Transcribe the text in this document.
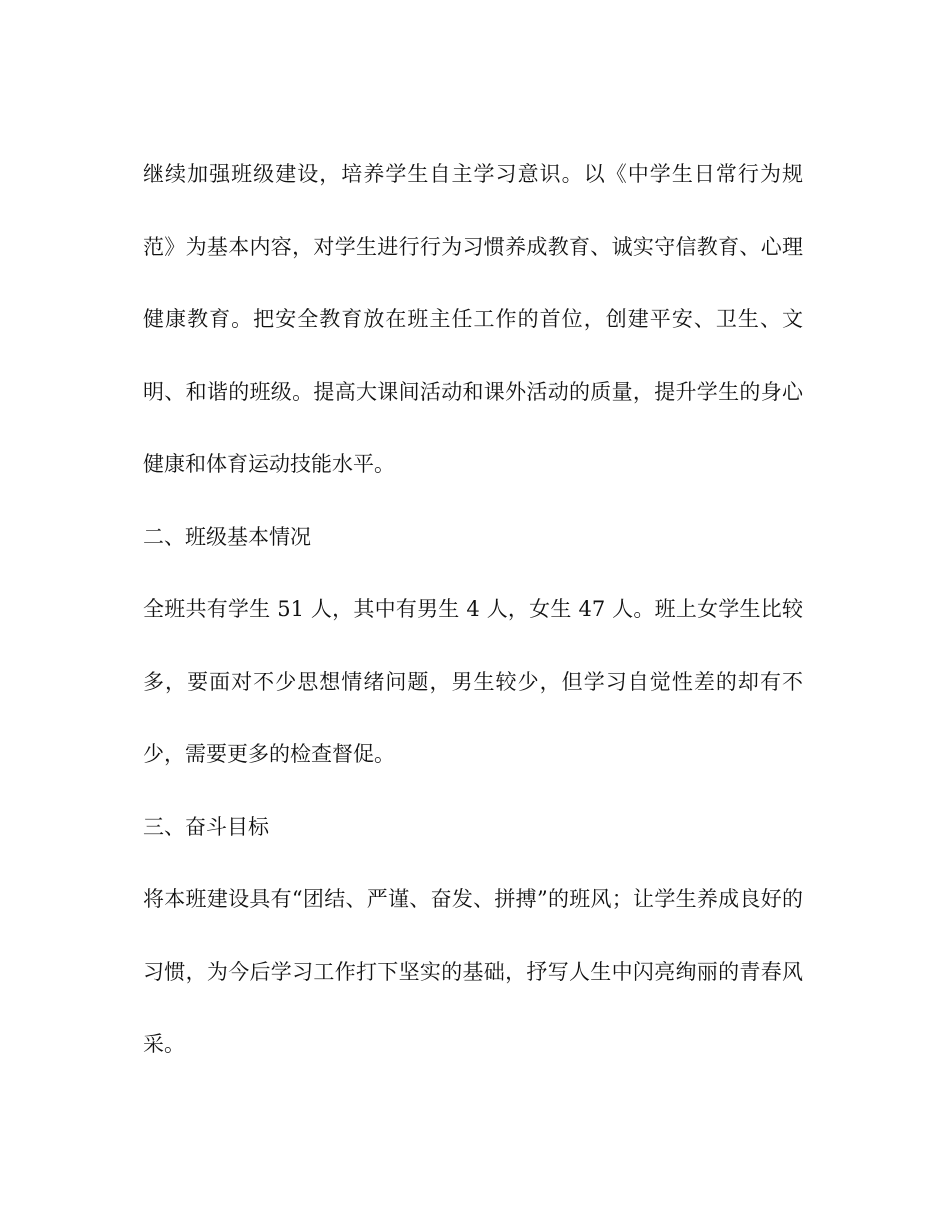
继续加强班级建设，培养学生自主学习意识。以《中学生日常行为规范》为基本内容，对学生进行行为习惯养成教育、诚实守信教育、心理健康教育。把安全教育放在班主任工作的首位，创建平安、卫生、文明、和谐的班级。提高大课间活动和课外活动的质量，提升学生的身心健康和体育运动技能水平。

二、班级基本情况

全班共有学生 51 人，其中有男生 4 人，女生 47 人。班上女学生比较多，要面对不少思想情绪问题，男生较少，但学习自觉性差的却有不少，需要更多的检查督促。

三、奋斗目标

将本班建设具有“团结、严谨、奋发、拼搏”的班风；让学生养成良好的习惯，为今后学习工作打下坚实的基础，抒写人生中闪亮绚丽的青春风采。
